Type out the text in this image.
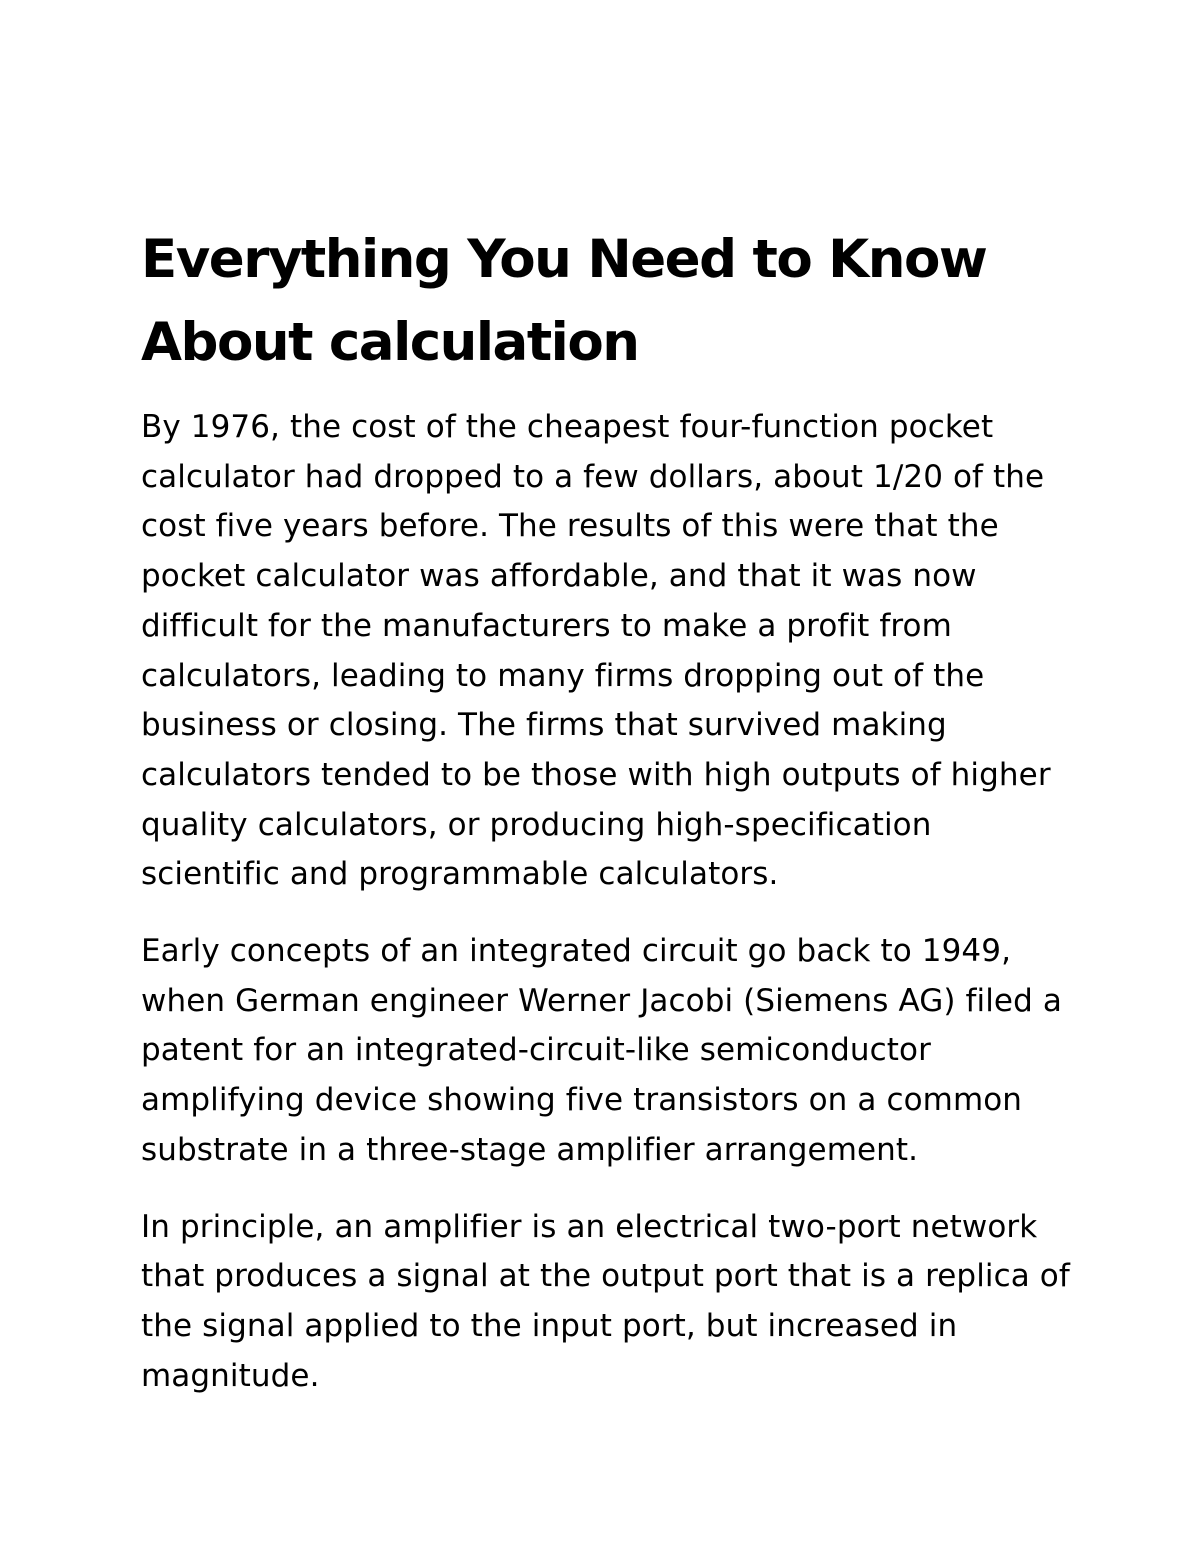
Everything You Need to Know About calculation

By 1976, the cost of the cheapest four-function pocket calculator had dropped to a few dollars, about 1/20 of the cost five years before. The results of this were that the pocket calculator was affordable, and that it was now difficult for the manufacturers to make a profit from calculators, leading to many firms dropping out of the business or closing. The firms that survived making calculators tended to be those with high outputs of higher quality calculators, or producing high-specification scientific and programmable calculators.

Early concepts of an integrated circuit go back to 1949, when German engineer Werner Jacobi (Siemens AG) filed a patent for an integrated-circuit-like semiconductor amplifying device showing five transistors on a common substrate in a three-stage amplifier arrangement.

In principle, an amplifier is an electrical two-port network that produces a signal at the output port that is a replica of the signal applied to the input port, but increased in magnitude.
